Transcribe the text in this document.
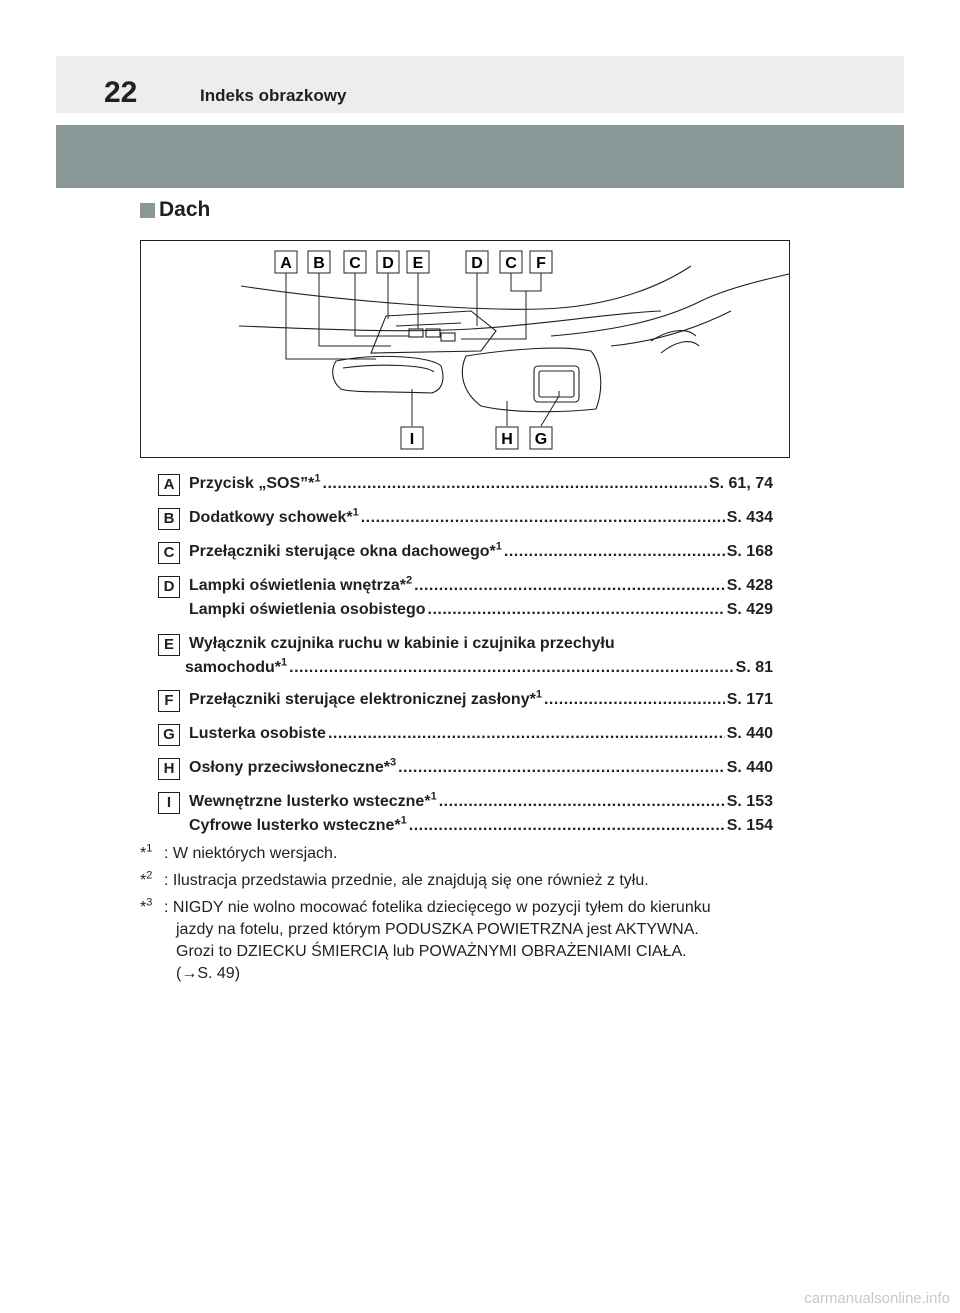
22	Indeks obrazkowy
Dach
A B C D E	D C F
I	H G
A Przycisk „SOS”*$^1$ .....	S. 61, 74
B Dodatkowy schowek*$^1$ .....	S. 434
C Przełączniki sterujące okna dachowego*$^1$ .....	S. 168
D Lampki oświetlenia wnętrza*$^2$ .....	S. 428
Lampki oświetlenia osobistego .....	S. 429
E Wyłącznik czujnika ruchu w kabinie i czujnika przechyłu
samochodu*$^1$ .....	S. 81
F Przełączniki sterujące elektronicznej zasłony*$^1$ .....	S. 171
G Lusterka osobiste .....	S. 440
H Osłony przeciwsłoneczne*$^3$ .....	S. 440
I	Wewnętrzne lusterko wsteczne*$^1$ .....	S. 153
Cyfrowe lusterko wsteczne*$^1$ .....	S. 154
*$^1$ : W niektórych wersjach.
*$^2$ : Ilustracja przedstawia przednie, ale znajdują się one również z tyłu.
*$^3$ : NIGDY nie wolno mocować fotelika dziecięcego w pozycji tyłem do kierunku
jazdy na fotelu, przed którym PODUSZKA POWIETRZNA jest AKTYWNA.
Grozi to DZIECKU ŚMIERCIĄ lub POWAŻNYMI OBRAŻENIAMI CIAŁA.
(→S. 49)
carmanualsonline.info
